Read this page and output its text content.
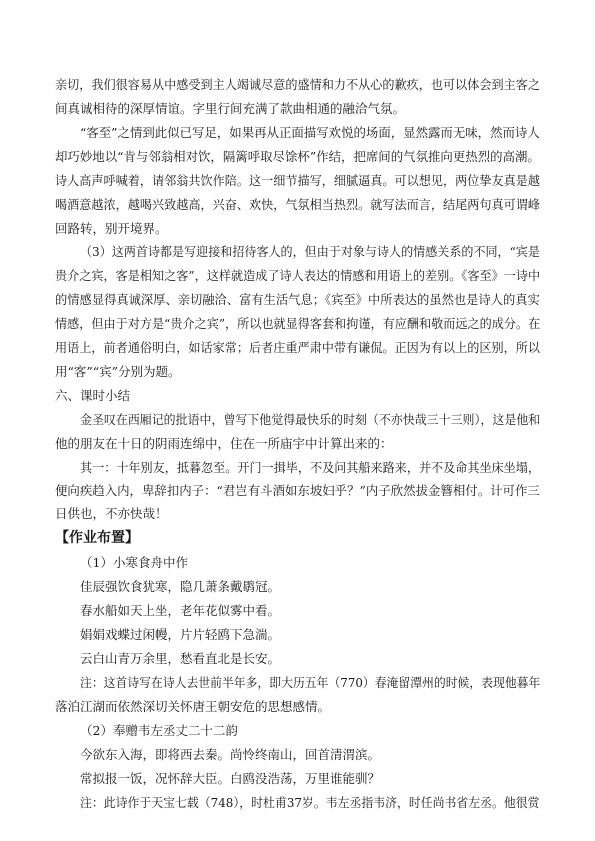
亲切，我们很容易从中感受到主人竭诚尽意的盛情和力不从心的歉疚，也可以体会到主客之
间真诚相待的深厚情谊。字里行间充满了款曲相通的融洽气氛。
“客至”之情到此似已写足，如果再从正面描写欢悦的场面，显然露而无味，然而诗人
却巧妙地以“肯与邻翁相对饮，隔篱呼取尽馀杯”作结，把席间的气氛推向更热烈的高潮。
诗人高声呼喊着，请邻翁共饮作陪。这一细节描写，细腻逼真。可以想见，两位挚友真是越
喝酒意越浓，越喝兴致越高，兴奋、欢快，气氛相当热烈。就写法而言，结尾两句真可谓峰
回路转，别开境界。
（3）这两首诗都是写迎接和招待客人的，但由于对象与诗人的情感关系的不同，“宾是
贵介之宾，客是相知之客”，这样就造成了诗人表达的情感和用语上的差别。《客至》一诗中
的情感显得真诚深厚、亲切融洽、富有生活气息；《宾至》中所表达的虽然也是诗人的真实
情感，但由于对方是“贵介之宾”，所以也就显得客套和拘谨，有应酬和敬而远之的成分。在
用语上，前者通俗明白，如话家常；后者庄重严肃中带有谦侃。正因为有以上的区别，所以
用“客”“宾”分别为题。
六、课时小结
金圣叹在西厢记的批语中，曾写下他觉得最快乐的时刻（不亦快哉三十三则），这是他和
他的朋友在十日的阴雨连绵中，住在一所庙宇中计算出来的：
其一：十年别友，抵暮忽至。开门一揖毕，不及问其船来路来，并不及命其坐床坐塌，
便向疾趋入内，卑辞扣内子：“君岂有斗酒如东坡妇乎？”内子欣然拔金簪相付。计可作三
日供也，不亦快哉！
【作业布置】
（1）小寒食舟中作
佳辰强饮食犹寒，隐几萧条戴鹖冠。
春水船如天上坐，老年花似雾中看。
娟娟戏蝶过闲幔，片片轻鸥下急湍。
云白山青万余里，愁看直北是长安。
注：这首诗写在诗人去世前半年多，即大历五年（770）春淹留潭州的时候，表现他暮年
落泊江湖而依然深切关怀唐王朝安危的思想感情。
（2）奉赠韦左丞丈二十二韵
今欲东入海，即将西去秦。尚怜终南山，回首清渭滨。
常拟报一饭，况怀辞大臣。白鸥没浩荡，万里谁能驯？
注：此诗作于天宝七载（748），时杜甫37岁。韦左丞指韦济，时任尚书省左丞。他很赏
